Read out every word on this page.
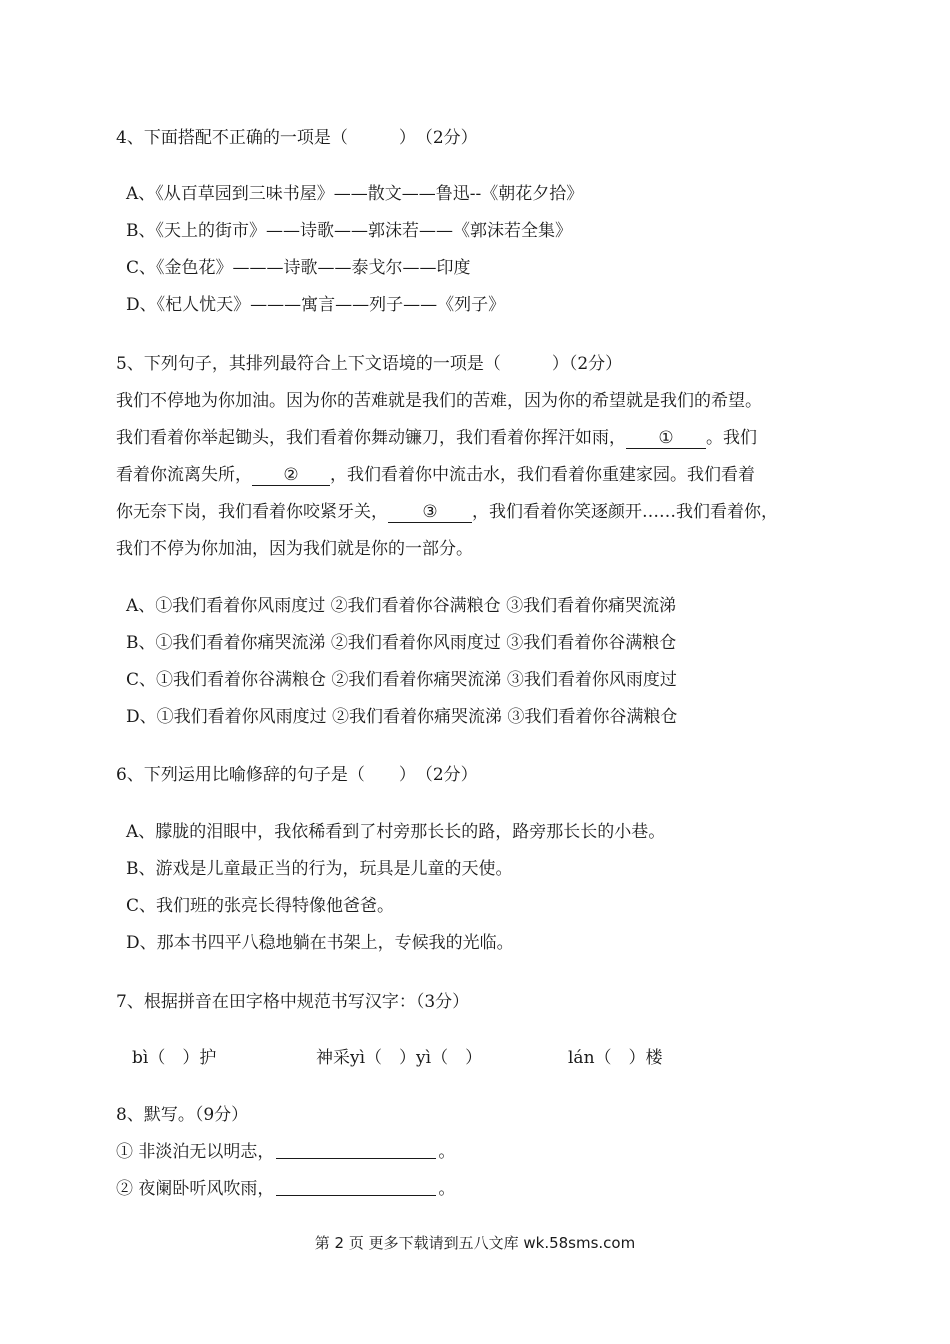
4、下面搭配不正确的一项是（　　　）　（2分）
A、《从百草园到三味书屋》——散文——鲁迅--《朝花夕拾》
B、《天上的街市》——诗歌——郭沫若——《郭沫若全集》
C、《金色花》———诗歌——泰戈尔——印度
D、《杞人忧天》———寓言——列子——《列子》
5、下列句子，其排列最符合上下文语境的一项是（　　　）（2分）
我们不停地为你加油。因为你的苦难就是我们的苦难，因为你的希望就是我们的希望。
我们看着你举起锄头，我们看着你舞动镰刀，我们看着你挥汗如雨， ① 。我们
看着你流离失所， ② ，我们看着你中流击水，我们看着你重建家园。我们看着
你无奈下岗，我们看着你咬紧牙关， ③ ，我们看着你笑逐颜开……我们看着你，
我们不停为你加油，因为我们就是你的一部分。
A、①我们看着你风雨度过 ②我们看着你谷满粮仓 ③我们看着你痛哭流涕
B、①我们看着你痛哭流涕 ②我们看着你风雨度过 ③我们看着你谷满粮仓
C、①我们看着你谷满粮仓 ②我们看着你痛哭流涕 ③我们看着你风雨度过
D、①我们看着你风雨度过 ②我们看着你痛哭流涕 ③我们看着你谷满粮仓
6、下列运用比喻修辞的句子是（　　）　（2分）
A、朦胧的泪眼中，我依稀看到了村旁那长长的路，路旁那长长的小巷。
B、游戏是儿童最正当的行为，玩具是儿童的天使。
C、我们班的张亮长得特像他爸爸。
D、那本书四平八稳地躺在书架上，专候我的光临。
7、根据拼音在田字格中规范书写汉字：（3分）
bì（　）护	神采yì（　）yì（　）	lán（　）楼
8、默写。（9分）
① 非淡泊无以明志，	。
② 夜阑卧听风吹雨，	。
第 2 页 更多下载请到五八文库 wk.58sms.com
